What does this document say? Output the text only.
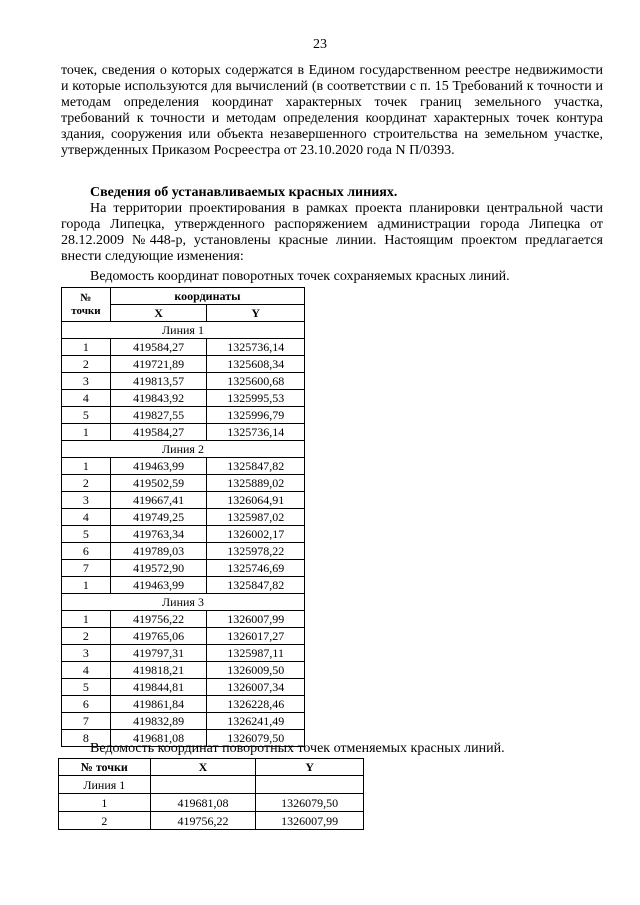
23

точек, сведения о которых содержатся в Едином государственном реестре недвижимости и которые используются для вычислений (в соответствии с п. 15 Требований к точности и методам определения координат характерных точек границ земельного участка, требований к точности и методам определения координат характерных точек контура здания, сооружения или объекта незавершенного строительства на земельном участке, утвержденных Приказом Росреестра от 23.10.2020 года N П/0393.

Сведения об устанавливаемых красных линиях.

На территории проектирования в рамках проекта планировки центральной части города Липецка, утвержденного распоряжением администрации города Липецка от 28.12.2009 №448-р, установлены красные линии. Настоящим проектом предлагается внести следующие изменения:

Ведомость координат поворотных точек сохраняемых красных линий.

№
точки	координаты	
	X	Y
Линия 1		
1	419584,27	1325736,14
2	419721,89	1325608,34
3	419813,57	1325600,68
4	419843,92	1325995,53
5	419827,55	1325996,79
1	419584,27	1325736,14
Линия 2		
1	419463,99	1325847,82
2	419502,59	1325889,02
3	419667,41	1326064,91
4	419749,25	1325987,02
5	419763,34	1326002,17
6	419789,03	1325978,22
7	419572,90	1325746,69
1	419463,99	1325847,82
Линия 3		
1	419756,22	1326007,99
2	419765,06	1326017,27
3	419797,31	1325987,11
4	419818,21	1326009,50
5	419844,81	1326007,34
6	419861,84	1326228,46
7	419832,89	1326241,49
8	419681,08	1326079,50

Ведомость координат поворотных точек отменяемых красных линий.

№ точки	X	Y
Линия 1		
1	419681,08	1326079,50
2	419756,22	1326007,99
